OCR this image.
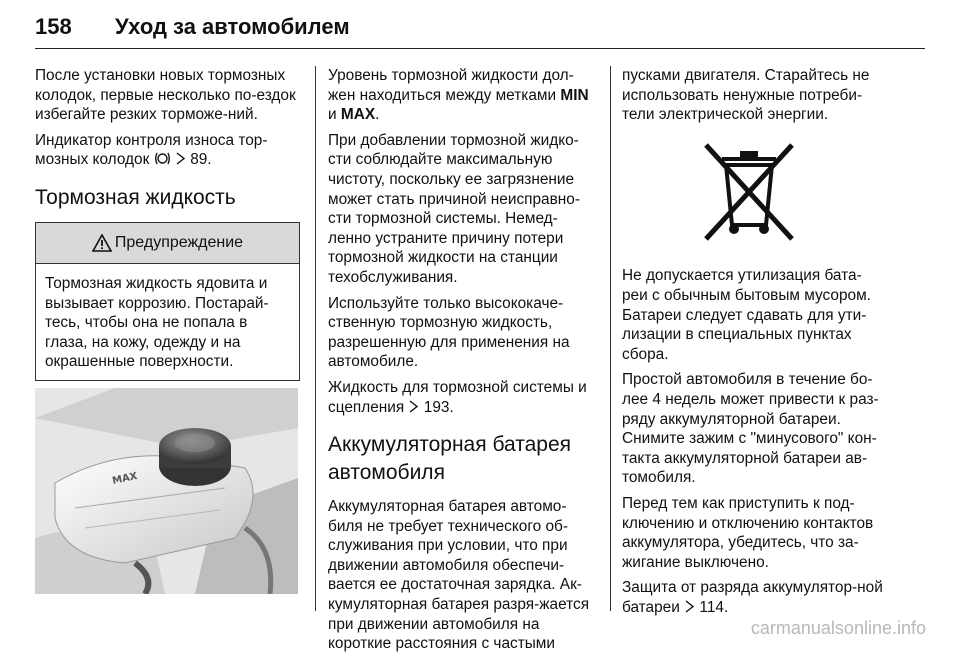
158 Уход за автомобилем

После установки новых тормозных колодок, первые несколько по-ездок избегайте резких торможе-ний.

Индикатор контроля износа тор-мозных колодок	89.

Тормозная жидкость
Предупреждение
Тормозная жидкость ядовита и вызывает коррозию. Постарай-тесь, чтобы она не попала в глаза, на кожу, одежду и на окрашенные поверхности.
MAX

Уровень тормозной жидкости дол-жен находиться между метками MIN и MAX.

При добавлении тормозной жидко-сти соблюдайте максимальную чистоту, поскольку ее загрязнение может стать причиной неисправно-сти тормозной системы. Немед-ленно устраните причину потери тормозной жидкости на станции техобслуживания.

Используйте только высококаче-ственную тормозную жидкость, разрешенную для применения на автомобиле.

Жидкость для тормозной системы и сцепления 193.

Аккумуляторная батарея автомобиля

Аккумуляторная батарея автомо-биля не требует технического об-служивания при условии, что при движении автомобиля обеспечи-вается ее достаточная зарядка. Ак-кумуляторная батарея разря-жается при движении автомобиля на короткие расстояния с частыми

пусками двигателя. Старайтесь не использовать ненужные потреби-тели электрической энергии.

Не допускается утилизация бата-реи с обычным бытовым мусором. Батареи следует сдавать для ути-лизации в специальных пунктах сбора.

Простой автомобиля в течение бо-лее 4 недель может привести к раз-ряду аккумуляторной батареи. Снимите зажим с "минусового" кон-такта аккумуляторной батареи ав-томобиля.

Перед тем как приступить к под-ключению и отключению контактов аккумулятора, убедитесь, что за-жигание выключено.

Защита от разряда аккумулятор-ной батареи 114.

carmanualsonline.info
